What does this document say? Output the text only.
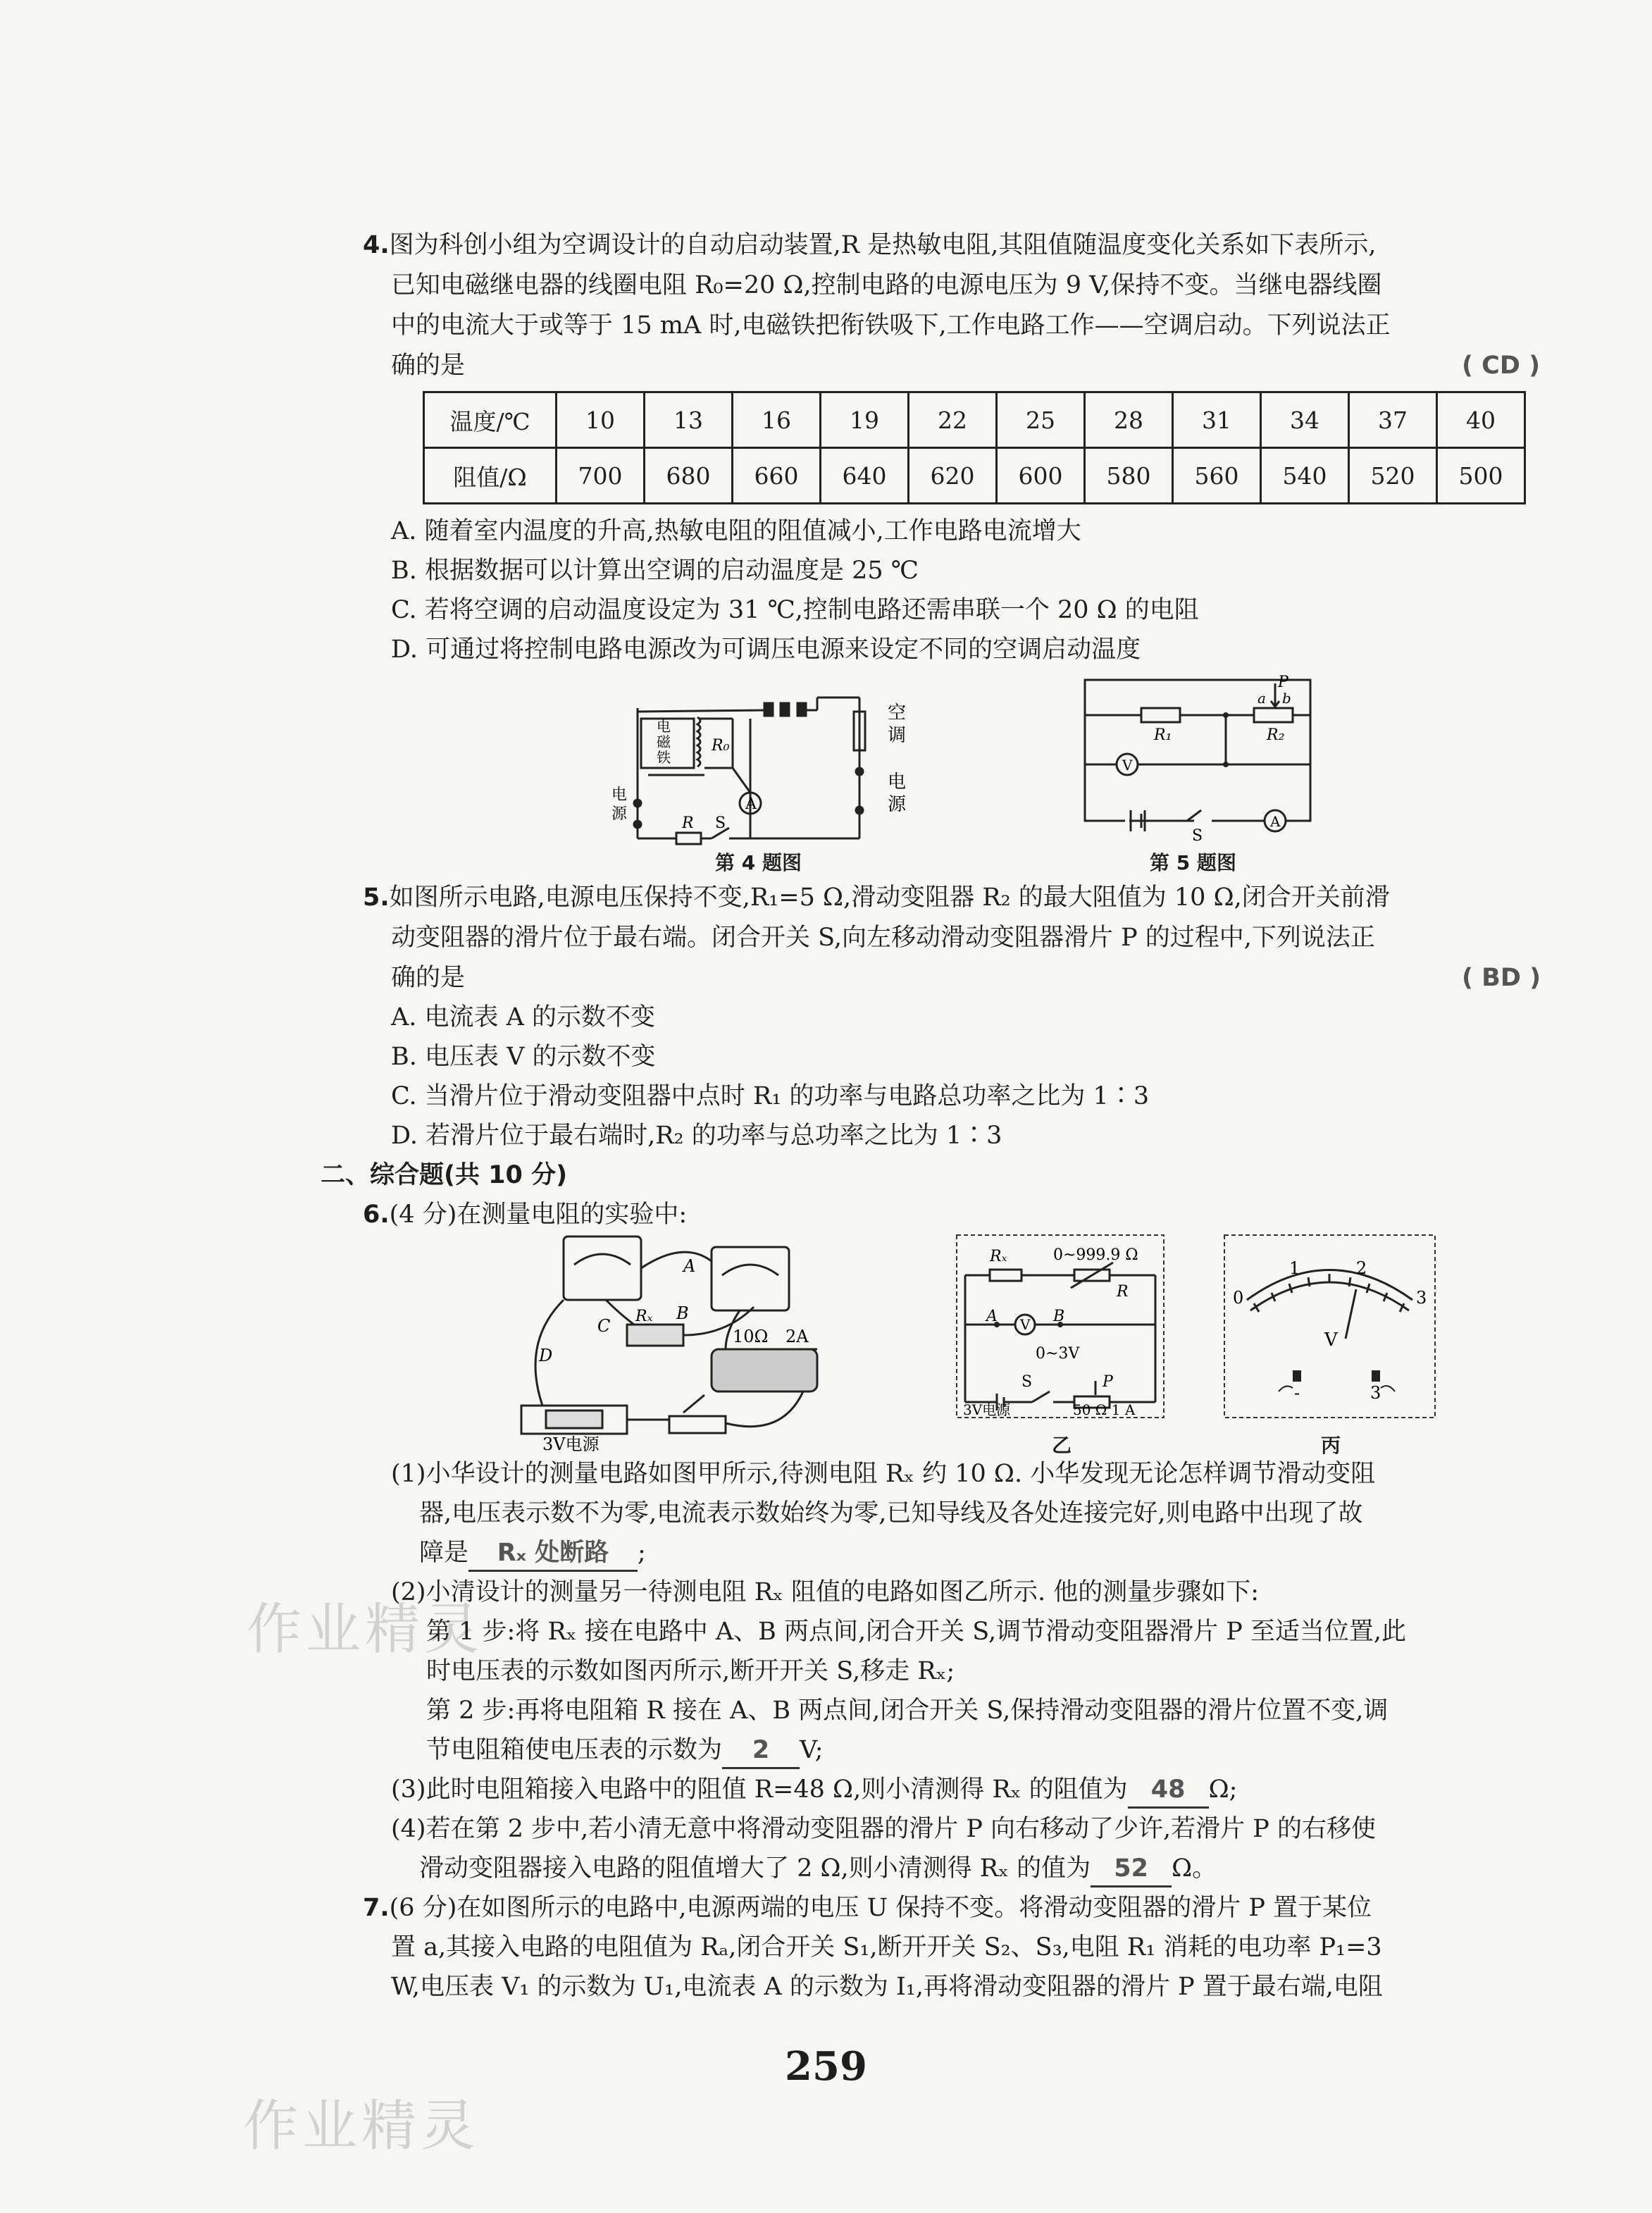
作业精灵
作业精灵
4.图为科创小组为空调设计的自动启动装置,R 是热敏电阻,其阻值随温度变化关系如下表所示,
已知电磁继电器的线圈电阻 R₀=20 Ω,控制电路的电源电压为 9 V,保持不变。当继电器线圈
中的电流大于或等于 15 mA 时,电磁铁把衔铁吸下,工作电路工作——空调启动。下列说法正
确的是	( CD )
温度/℃	10	13	16	19	22	25	28	31	34	37	40
阻值/Ω	700	680	660	640	620	600	580	560	540	520	500
A. 随着室内温度的升高,热敏电阻的阻值减小,工作电路电流增大
B. 根据数据可以计算出空调的启动温度是 25 ℃
C. 若将空调的启动温度设定为 31 ℃,控制电路还需串联一个 20 Ω 的电阻
D. 可通过将控制电路电源改为可调压电源来设定不同的空调启动温度
电
磁
铁
R₀
电
源
R S
A
空
调
电
源
第 4 题图
P
a b
R₁	R₂
V
S
A
第 5 题图
5.如图所示电路,电源电压保持不变,R₁=5 Ω,滑动变阻器 R₂ 的最大阻值为 10 Ω,闭合开关前滑
动变阻器的滑片位于最右端。闭合开关 S,向左移动滑动变阻器滑片 P 的过程中,下列说法正
确的是	( BD )
A. 电流表 A 的示数不变
B. 电压表 V 的示数不变
C. 当滑片位于滑动变阻器中点时 R₁ 的功率与电路总功率之比为 1∶3
D. 若滑片位于最右端时,R₂ 的功率与总功率之比为 1∶3
二、综合题(共 10 分)
6.(4 分)在测量电阻的实验中:
A
B
C
D
Rₓ
10Ω 2A
3V电源
Rₓ	0~999.9 Ω
R
A V B
0~3V
S	P
3V电源	50 Ω 1 A
乙
0
1	2
3
V
-	3
丙
(1)小华设计的测量电路如图甲所示,待测电阻 Rₓ 约 10 Ω. 小华发现无论怎样调节滑动变阻
器,电压表示数不为零,电流表示数始终为零,已知导线及各处连接完好,则电路中出现了故
障是 Rₓ 处断路 ;
(2)小清设计的测量另一待测电阻 Rₓ 阻值的电路如图乙所示. 他的测量步骤如下:
第 1 步:将 Rₓ 接在电路中 A、B 两点间,闭合开关 S,调节滑动变阻器滑片 P 至适当位置,此
时电压表的示数如图丙所示,断开开关 S,移走 Rₓ;
第 2 步:再将电阻箱 R 接在 A、B 两点间,闭合开关 S,保持滑动变阻器的滑片位置不变,调
节电阻箱使电压表的示数为 2 V;
(3)此时电阻箱接入电路中的阻值 R=48 Ω,则小清测得 Rₓ 的阻值为 48 Ω;
(4)若在第 2 步中,若小清无意中将滑动变阻器的滑片 P 向右移动了少许,若滑片 P 的右移使
滑动变阻器接入电路的阻值增大了 2 Ω,则小清测得 Rₓ 的值为 52 Ω。
7.(6 分)在如图所示的电路中,电源两端的电压 U 保持不变。将滑动变阻器的滑片 P 置于某位
置 a,其接入电路的电阻值为 Rₐ,闭合开关 S₁,断开开关 S₂、S₃,电阻 R₁ 消耗的电功率 P₁=3
W,电压表 V₁ 的示数为 U₁,电流表 A 的示数为 I₁,再将滑动变阻器的滑片 P 置于最右端,电阻
259
